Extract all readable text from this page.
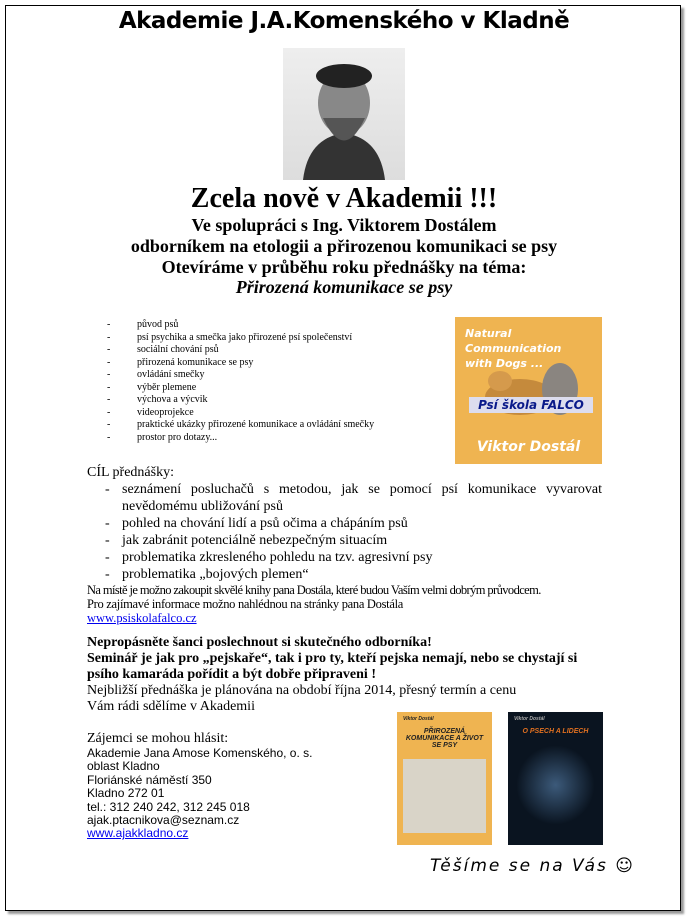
Akademie J.A.Komenského v Kladně
Zcela nově v Akademii !!!
Ve spolupráci s Ing. Viktorem Dostálem
odborníkem na etologii a přirozenou komunikaci se psy
Otevíráme v průběhu roku přednášky na téma:
Přirozená komunikace se psy
- původ psů
- psí psychika a smečka jako přirozené psí společenství
- sociální chování psů
- přirozená komunikace se psy
- ovládání smečky
- výběr plemene
- výchova a výcvik
- videoprojekce
- praktické ukázky přirozené komunikace a ovládání smečky
- prostor pro dotazy...
Natural Communication
with Dogs ...
Psí škola FALCO
Viktor Dostál
CÍL přednášky:
- seznámení posluchačů s metodou, jak se pomocí psí komunikace vyvarovat nevědomému ubližování psů
- pohled na chování lidí a psů očima a chápáním psů
- jak zabránit potenciálně nebezpečným situacím
- problematika zkresleného pohledu na tzv. agresivní psy
- problematika „bojových plemen“
Na místě je možno zakoupit skvělé knihy pana Dostála, které budou Vaším velmi dobrým průvodcem.
Pro zajímavé informace možno nahlédnou na stránky pana Dostála
www.psiskolafalco.cz
Nepropásněte šanci poslechnout si skutečného odborníka!
Seminář je jak pro „pejskaře“, tak i pro ty, kteří pejska nemají, nebo se chystají si psího kamaráda pořídit a být dobře připraveni !
Nejbližší přednáška je plánována na období října 2014, přesný termín a cenu
Vám rádi sdělíme v Akademii
Zájemci se mohou hlásit:
Akademie Jana Amose Komenského, o. s.
oblast Kladno
Floriánské náměstí 350
Kladno 272 01
tel.: 312 240 242, 312 245 018
ajak.ptacnikova@seznam.cz
www.ajakkladno.cz
Viktor Dostál
PŘIROZENÁ KOMUNIKACE A ŽIVOT SE PSY
Viktor Dostál
O PSECH A LIDECH
Těšíme se na Vás ☺
